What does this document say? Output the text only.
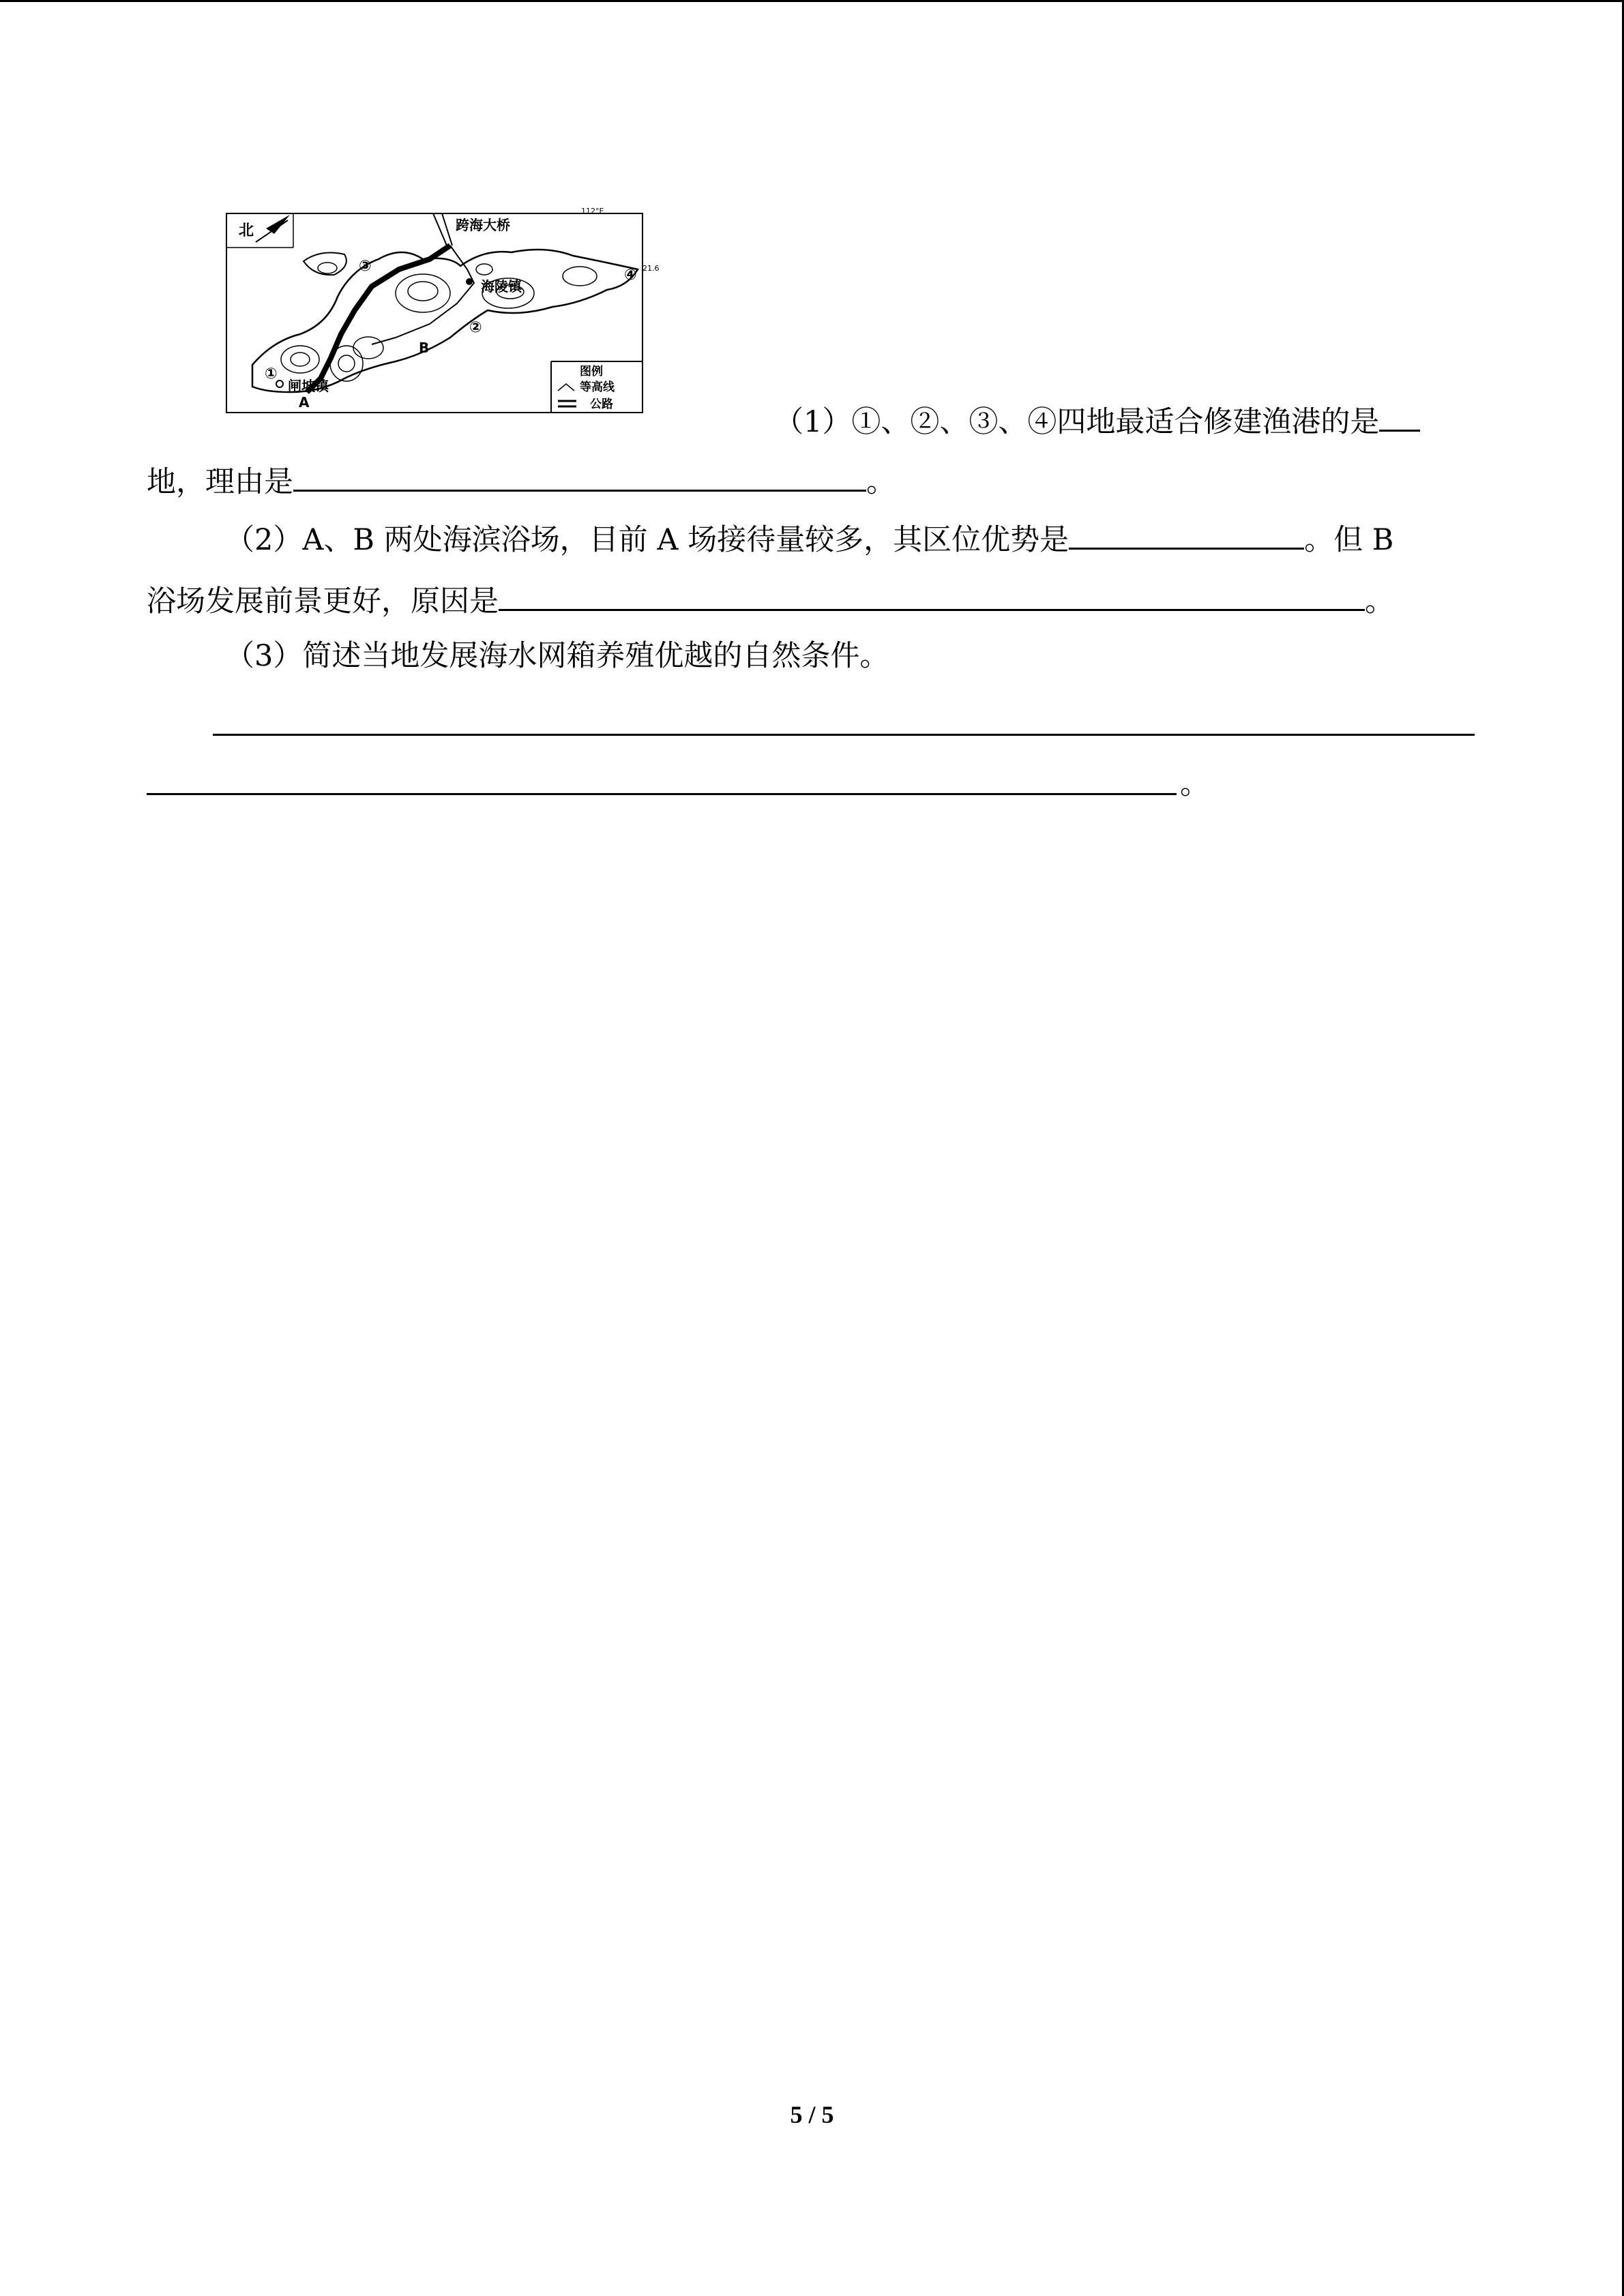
北
112°E
21.6
跨海大桥
海陵镇
闸坡镇
A
B
③
②
①
④
图例
等高线
公路
（1）①、②、③、④四地最适合修建渔港的是
地，理由是	。
（2）A、B 两处海滨浴场，目前 A 场接待量较多，其区位优势是	。但 B
浴场发展前景更好，原因是	。
（3）简述当地发展海水网箱养殖优越的自然条件。
。
5 / 5
